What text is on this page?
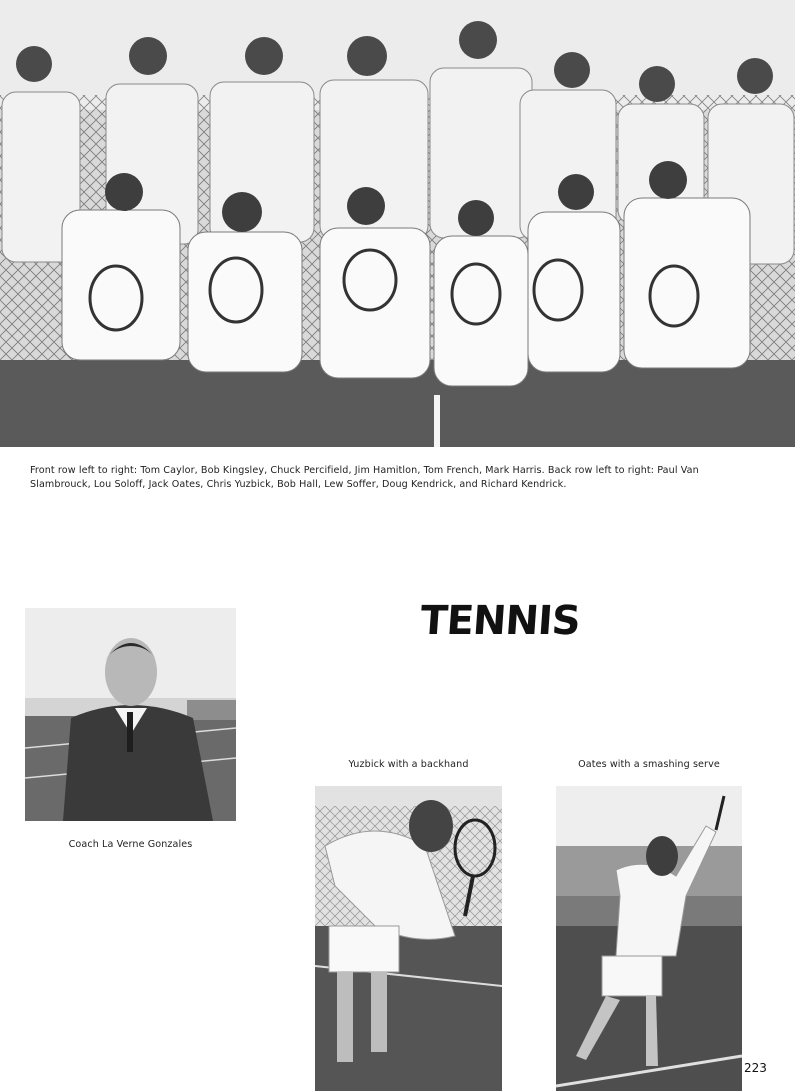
Front row left to right: Tom Caylor, Bob Kingsley, Chuck Percifield, Jim Hamitlon, Tom French, Mark Harris. Back row left to right: Paul Van Slambrouck, Lou Soloff, Jack Oates, Chris Yuzbick, Bob Hall, Lew Soffer, Doug Kendrick, and Richard Kendrick.
TENNIS
Coach La Verne Gonzales
Yuzbick with a backhand	Oates with a smashing serve
223
